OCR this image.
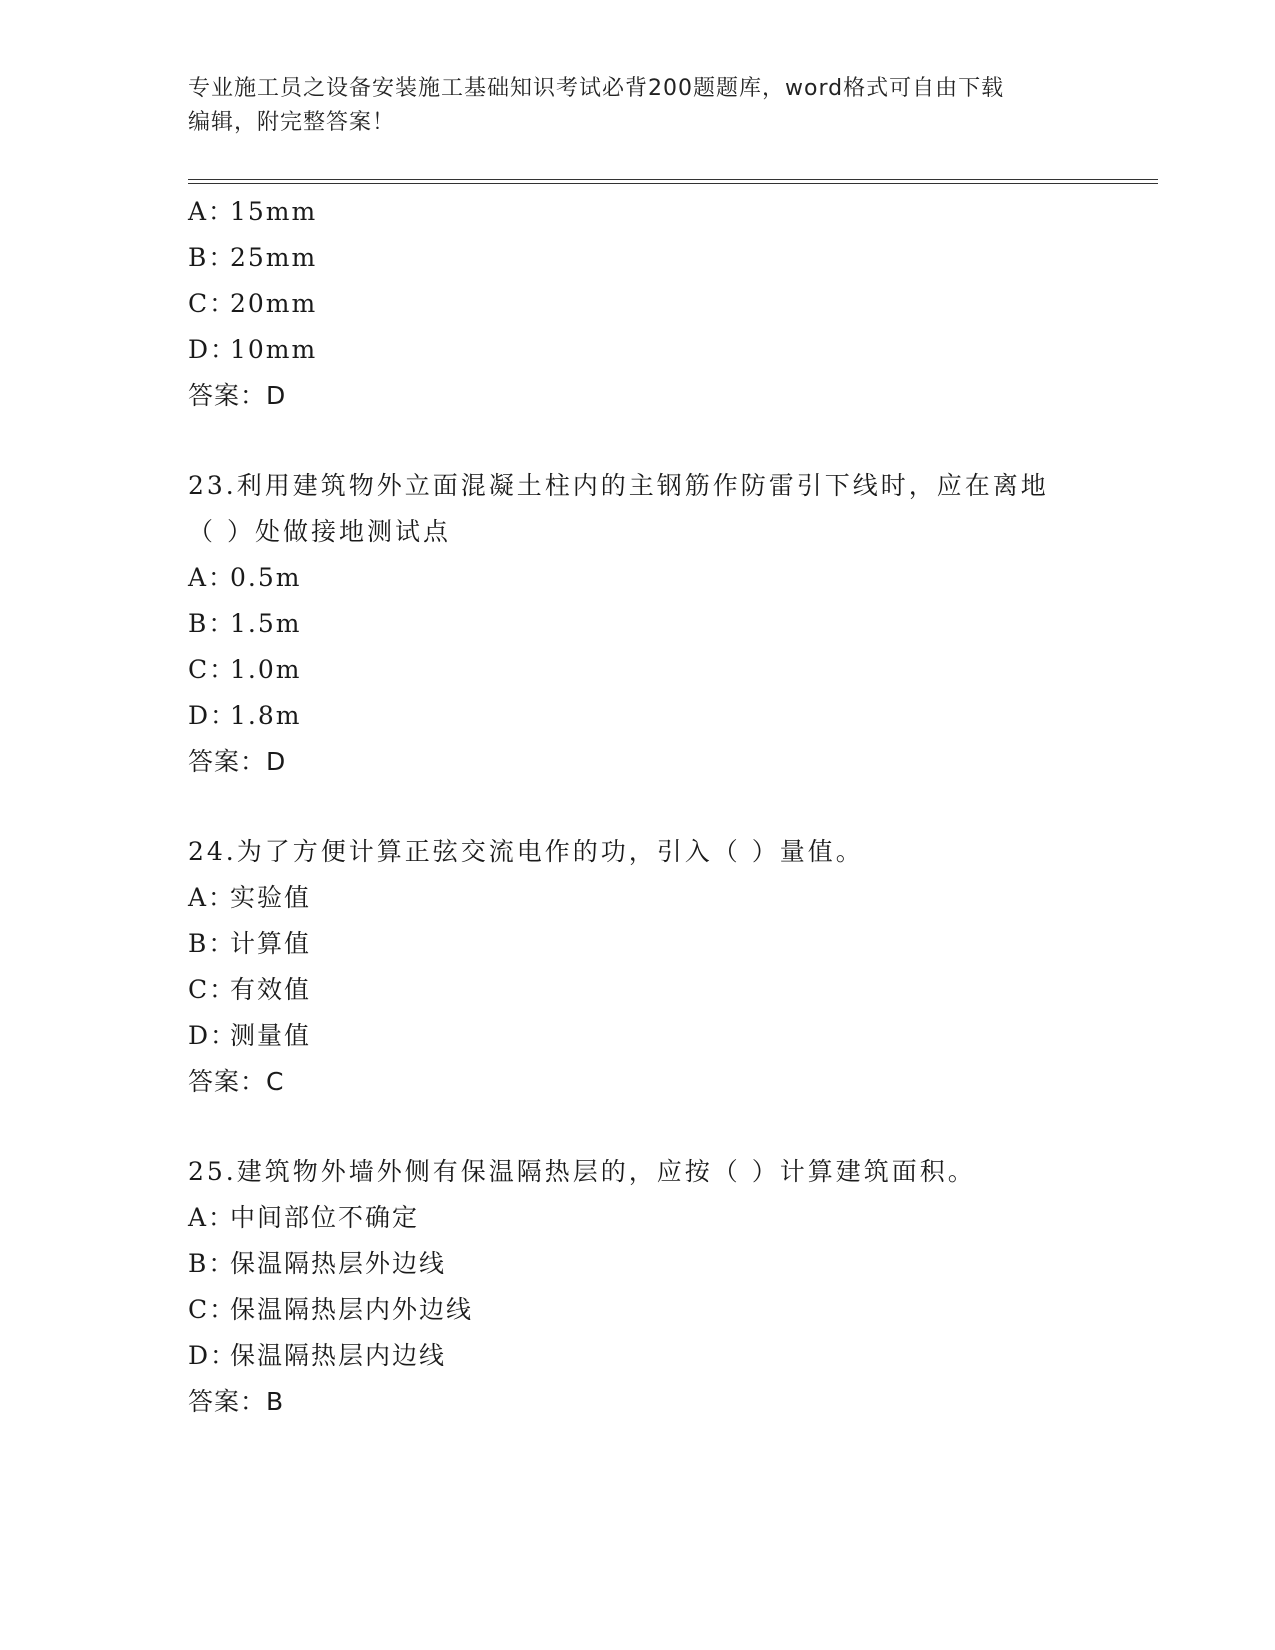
专业施工员之设备安装施工基础知识考试必背200题题库，word格式可自由下载
编辑，附完整答案！
A：15mm
B：25mm
C：20mm
D：10mm
答案：D
23.利用建筑物外立面混凝土柱内的主钢筋作防雷引下线时，应在离地
（ ）处做接地测试点
A：0.5m
B：1.5m
C：1.0m
D：1.8m
答案：D
24.为了方便计算正弦交流电作的功，引入（ ）量值。
A：实验值
B：计算值
C：有效值
D：测量值
答案：C
25.建筑物外墙外侧有保温隔热层的，应按（ ）计算建筑面积。
A：中间部位不确定
B：保温隔热层外边线
C：保温隔热层内外边线
D：保温隔热层内边线
答案：B
